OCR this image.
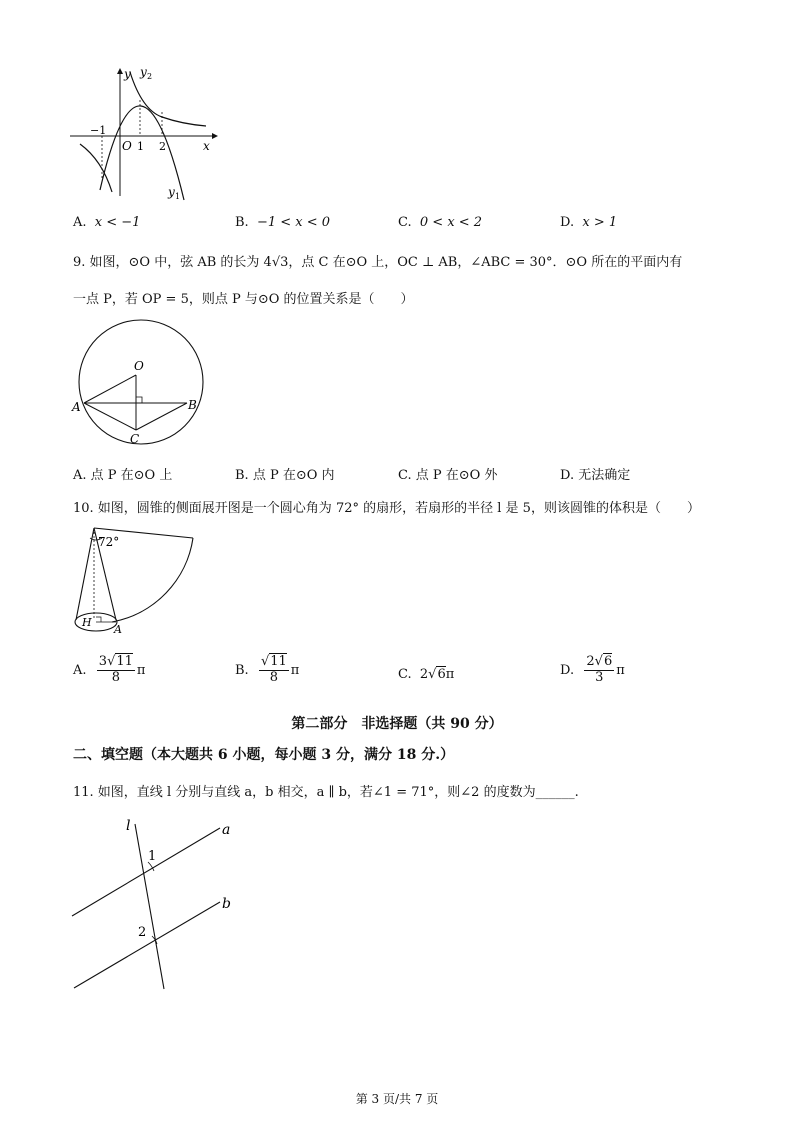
y y 2
y 1
x
−1
O 1 2
A. x < −1	B. −1 < x < 0	C. 0 < x < 2	D. x > 1
9. 如图，⊙O 中，弦 AB 的长为 4√3，点 C 在⊙O 上，OC ⊥ AB，∠ABC = 30°．⊙O 所在的平面内有
一点 P，若 OP = 5，则点 P 与⊙O 的位置关系是（　　）
O
A	B
C
A. 点 P 在⊙O 上	B. 点 P 在⊙O 内	C. 点 P 在⊙O 外	D. 无法确定
10. 如图，圆锥的侧面展开图是一个圆心角为 72° 的扇形，若扇形的半径 l 是 5，则该圆锥的体积是（　　）
72°
H
A
A.
$\frac{3√11}{8}$ π	B.
$\frac{√11}{8}$ π	C.
2 √ 6 π	D.
$\frac{2√6}{3}$ π
第二部分　非选择题（共 90 分）
二、填空题（本大题共 6 小题，每小题 3 分，满分 18 分.）
11. 如图，直线 l 分别与直线 a，b 相交，a ∥ b，若∠1 = 71°，则∠2 的度数为______.
l	a
b
1
2
第 3 页/共 7 页
